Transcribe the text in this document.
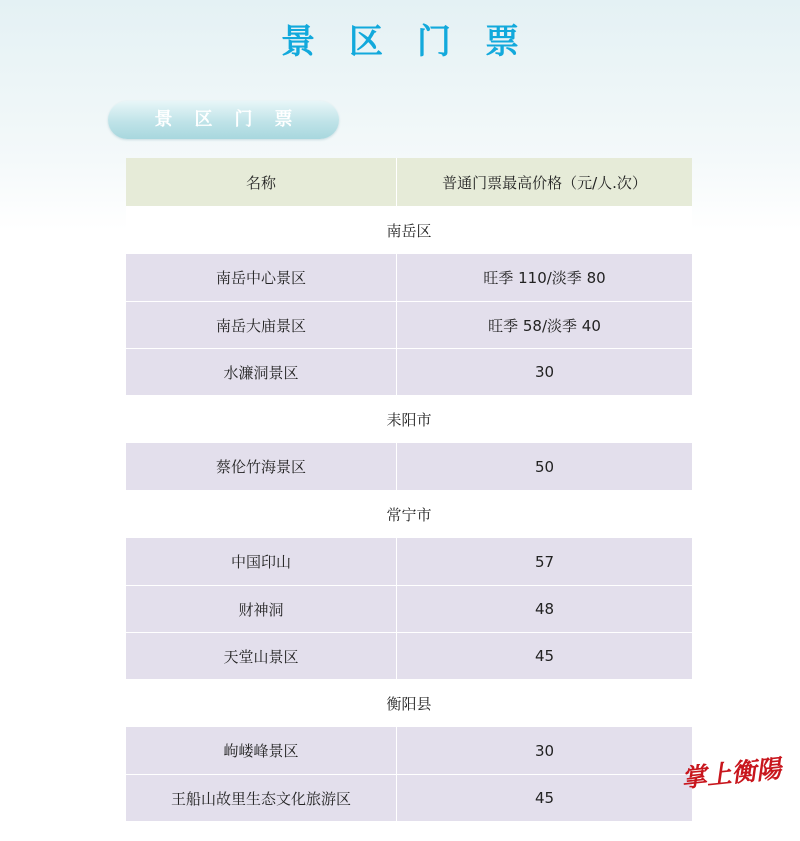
景区门票
景区门票
名称	普通门票最高价格（元/人.次）
南岳区
南岳中心景区	旺季 110/淡季 80
南岳大庙景区	旺季 58/淡季 40
水濂洞景区	30
耒阳市
蔡伦竹海景区	50
常宁市
中国印山	57
财神洞	48
天堂山景区	45
衡阳县
岣嵝峰景区	30
王船山故里生态文化旅游区	45
掌上衡陽
